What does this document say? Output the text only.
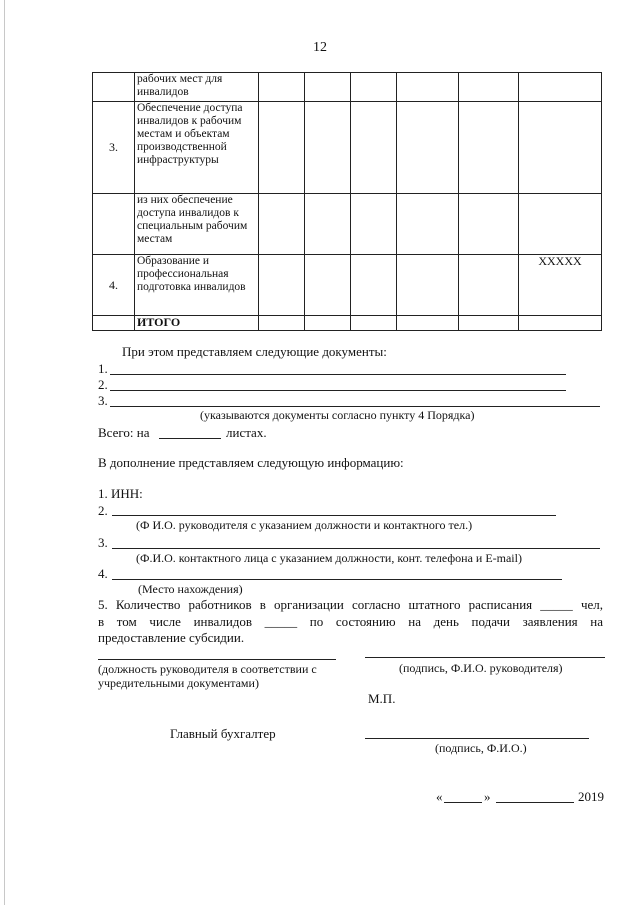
12
	рабочих мест для инвалидов						
3.	Обеспечение доступа инвалидов к рабочим местам и объектам производственной инфраструктуры						
	из них обеспечение доступа инвалидов к специальным рабочим местам						
4.	Образование и профессиональная подготовка инвалидов						XXXXX
	ИТОГО						
При этом представляем следующие документы:
1.
2.
3.
(указываются документы согласно пункту 4 Порядка)
Всего: на	листах.
В дополнение представляем следующую информацию:
1. ИНН:
2.
(Ф И.О. руководителя с указанием должности и контактного тел.)
3.
(Ф.И.О. контактного лица с указанием должности, конт. телефона и E-mail)
4.
(Место нахождения)
5. Количество работников в организации согласно штатного расписания _____ чел,
в том числе инвалидов _____ по состоянию на день подачи заявления на
предоставление субсидии.
(должность руководителя в соответствии с
учредительными документами)
(подпись, Ф.И.О. руководителя)
М.П.
Главный бухгалтер
(подпись, Ф.И.О.)
«	»	2019
